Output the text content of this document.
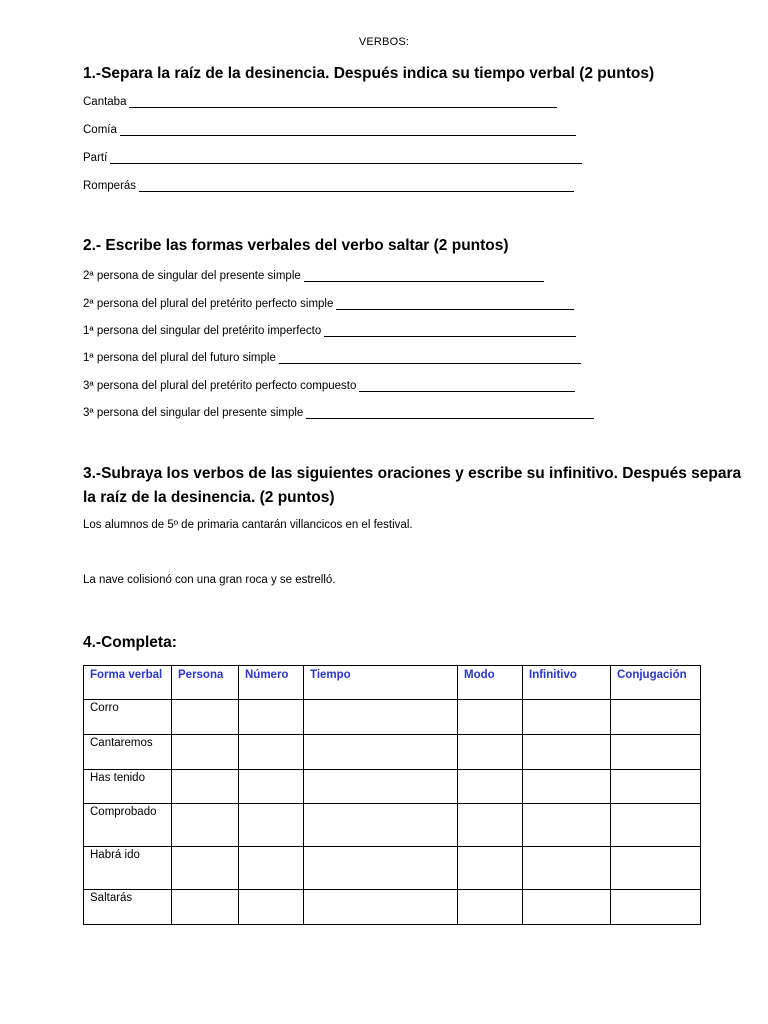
VERBOS:
1.-Separa la raíz de la desinencia. Después indica su tiempo verbal (2 puntos)
Cantaba
Comía
Partí
Romperás
2.- Escribe las formas verbales del verbo saltar (2 puntos)
2ª persona de singular del presente simple
2ª persona del plural del pretérito perfecto simple
1ª persona del singular del pretérito imperfecto
1ª persona del plural del futuro simple
3ª persona del plural del pretérito perfecto compuesto
3ª persona del singular del presente simple
3.-Subraya los verbos de las siguientes oraciones y escribe su infinitivo. Después separa
la raíz de la desinencia. (2 puntos)
Los alumnos de 5º de primaria cantarán villancicos en el festival.
La nave colisionó con una gran roca y se estrelló.
4.-Completa:
Forma verbal	Persona	Número	Tiempo	Modo	Infinitivo	Conjugación
Corro						
Cantaremos						
Has tenido						
Comprobado						
Habrá ido						
Saltarás						
